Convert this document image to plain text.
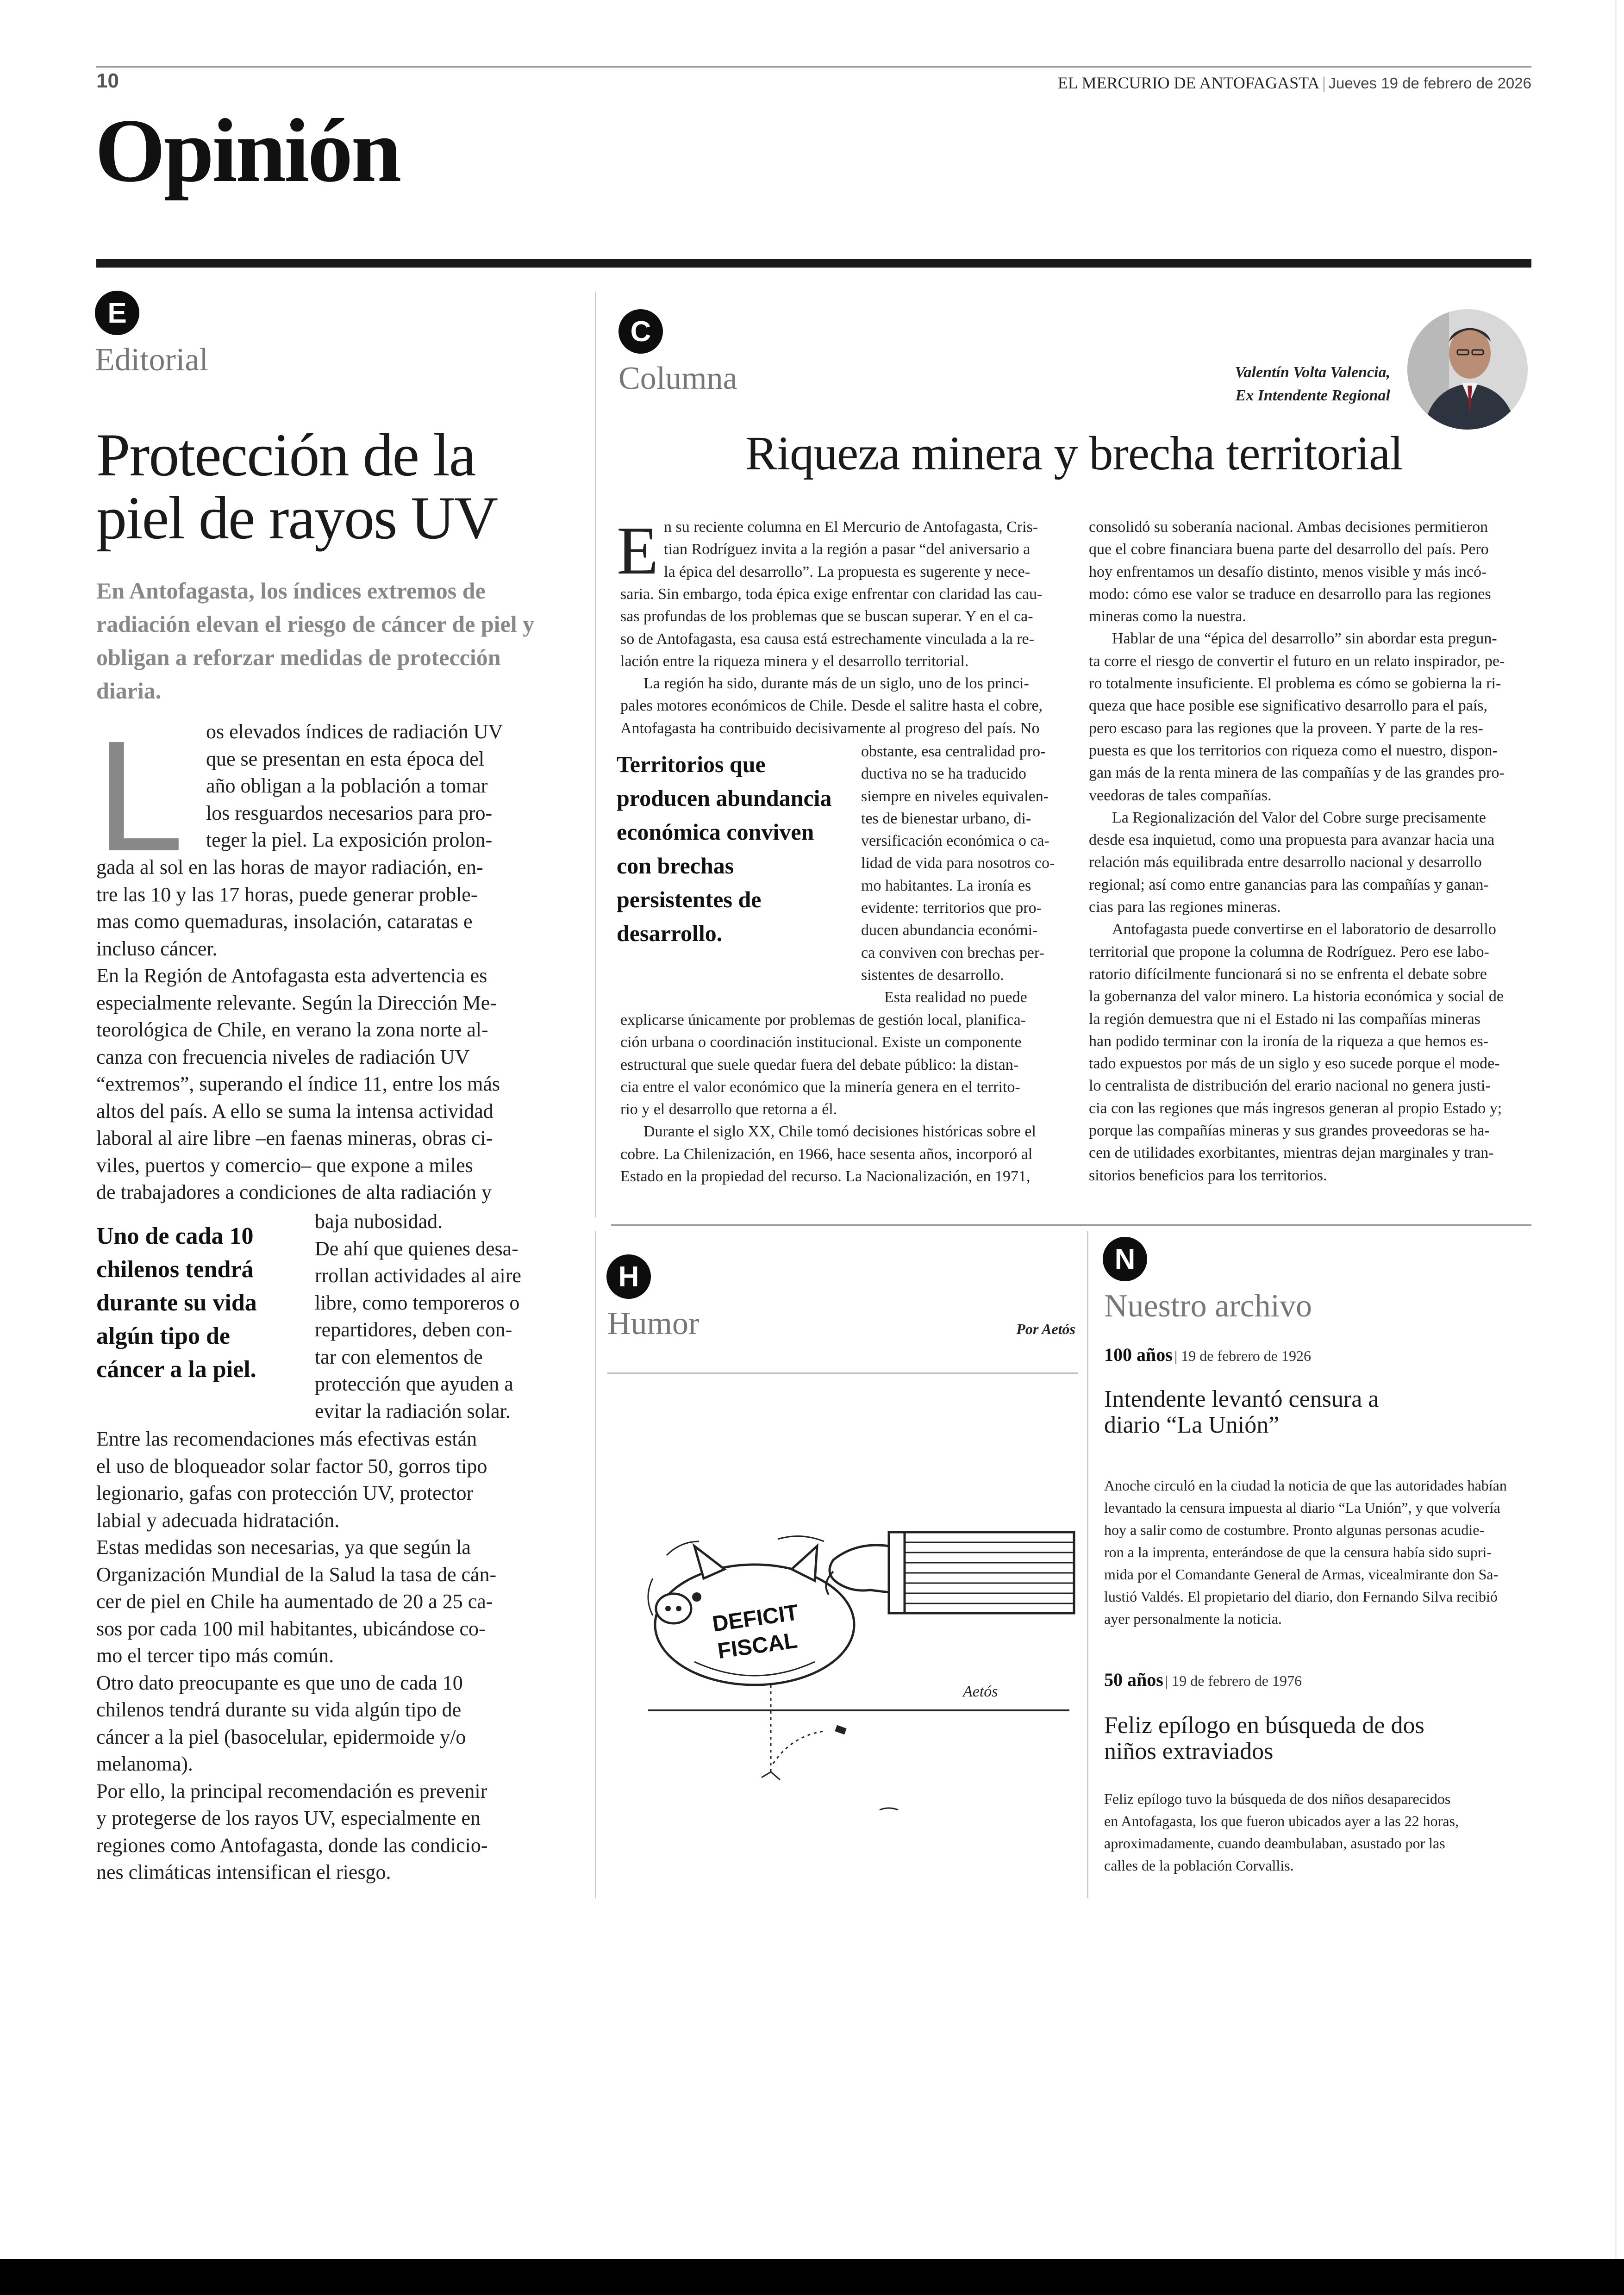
10	EL MERCURIO DE ANTOFAGASTA | Jueves 19 de febrero de 2026
Opinión
E
Editorial
Protección de la piel de rayos UV
En Antofagasta, los índices extremos de radiación elevan el riesgo de cáncer de piel y obligan a reforzar medidas de protección diaria.
L os elevados índices de radiación UV
que se presentan en esta época del
año obligan a la población a tomar
los resguardos necesarios para pro-
teger la piel. La exposición prolon-
gada al sol en las horas de mayor radiación, en-
tre las 10 y las 17 horas, puede generar proble-
mas como quemaduras, insolación, cataratas e
incluso cáncer.
En la Región de Antofagasta esta advertencia es
especialmente relevante. Según la Dirección Me-
teorológica de Chile, en verano la zona norte al-
canza con frecuencia niveles de radiación UV
“extremos”, superando el índice 11, entre los más
altos del país. A ello se suma la intensa actividad
laboral al aire libre –en faenas mineras, obras ci-
viles, puertos y comercio– que expone a miles
de trabajadores a condiciones de alta radiación y
Uno de cada 10 chilenos tendrá durante su vida algún tipo de cáncer a la piel.
baja nubosidad.
De ahí que quienes desa-
rrollan actividades al aire
libre, como temporeros o
repartidores, deben con-
tar con elementos de
protección que ayuden a
evitar la radiación solar.
Entre las recomendaciones más efectivas están
el uso de bloqueador solar factor 50, gorros tipo
legionario, gafas con protección UV, protector
labial y adecuada hidratación.
Estas medidas son necesarias, ya que según la
Organización Mundial de la Salud la tasa de cán-
cer de piel en Chile ha aumentado de 20 a 25 ca-
sos por cada 100 mil habitantes, ubicándose co-
mo el tercer tipo más común.
Otro dato preocupante es que uno de cada 10
chilenos tendrá durante su vida algún tipo de
cáncer a la piel (basocelular, epidermoide y/o
melanoma).
Por ello, la principal recomendación es prevenir
y protegerse de los rayos UV, especialmente en
regiones como Antofagasta, donde las condicio-
nes climáticas intensifican el riesgo.
C
Columna	Valentín Volta Valencia,
Ex Intendente Regional
Riqueza minera y brecha territorial
E n su reciente columna en El Mercurio de Antofagasta, Cris-
tian Rodríguez invita a la región a pasar “del aniversario a
la épica del desarrollo”. La propuesta es sugerente y nece-
saria. Sin embargo, toda épica exige enfrentar con claridad las cau-
sas profundas de los problemas que se buscan superar. Y en el ca-
so de Antofagasta, esa causa está estrechamente vinculada a la re-
lación entre la riqueza minera y el desarrollo territorial.
La región ha sido, durante más de un siglo, uno de los princi-
pales motores económicos de Chile. Desde el salitre hasta el cobre,
Antofagasta ha contribuido decisivamente al progreso del país. No
Territorios que producen abundancia económica conviven con brechas persistentes de desarrollo.
obstante, esa centralidad pro-
ductiva no se ha traducido
siempre en niveles equivalen-
tes de bienestar urbano, di-
versificación económica o ca-
lidad de vida para nosotros co-
mo habitantes. La ironía es
evidente: territorios que pro-
ducen abundancia económi-
ca conviven con brechas per-
sistentes de desarrollo.
Esta realidad no puede
explicarse únicamente por problemas de gestión local, planifica-
ción urbana o coordinación institucional. Existe un componente
estructural que suele quedar fuera del debate público: la distan-
cia entre el valor económico que la minería genera en el territo-
rio y el desarrollo que retorna a él.
Durante el siglo XX, Chile tomó decisiones históricas sobre el
cobre. La Chilenización, en 1966, hace sesenta años, incorporó al
Estado en la propiedad del recurso. La Nacionalización, en 1971,
consolidó su soberanía nacional. Ambas decisiones permitieron
que el cobre financiara buena parte del desarrollo del país. Pero
hoy enfrentamos un desafío distinto, menos visible y más incó-
modo: cómo ese valor se traduce en desarrollo para las regiones
mineras como la nuestra.
Hablar de una “épica del desarrollo” sin abordar esta pregun-
ta corre el riesgo de convertir el futuro en un relato inspirador, pe-
ro totalmente insuficiente. El problema es cómo se gobierna la ri-
queza que hace posible ese significativo desarrollo para el país,
pero escaso para las regiones que la proveen. Y parte de la res-
puesta es que los territorios con riqueza como el nuestro, dispon-
gan más de la renta minera de las compañías y de las grandes pro-
veedoras de tales compañías.
La Regionalización del Valor del Cobre surge precisamente
desde esa inquietud, como una propuesta para avanzar hacia una
relación más equilibrada entre desarrollo nacional y desarrollo
regional; así como entre ganancias para las compañías y ganan-
cias para las regiones mineras.
Antofagasta puede convertirse en el laboratorio de desarrollo
territorial que propone la columna de Rodríguez. Pero ese labo-
ratorio difícilmente funcionará si no se enfrenta el debate sobre
la gobernanza del valor minero. La historia económica y social de
la región demuestra que ni el Estado ni las compañías mineras
han podido terminar con la ironía de la riqueza a que hemos es-
tado expuestos por más de un siglo y eso sucede porque el mode-
lo centralista de distribución del erario nacional no genera justi-
cia con las regiones que más ingresos generan al propio Estado y;
porque las compañías mineras y sus grandes proveedoras se ha-
cen de utilidades exorbitantes, mientras dejan marginales y tran-
sitorios beneficios para los territorios.
H
Humor	Por Aetós
DEFICIT
FISCAL
Aetós
N
Nuestro archivo
100 años | 19 de febrero de 1926
Intendente levantó censura a
diario “La Unión”
Anoche circuló en la ciudad la noticia de que las autoridades habían
levantado la censura impuesta al diario “La Unión”, y que volvería
hoy a salir como de costumbre. Pronto algunas personas acudie-
ron a la imprenta, enterándose de que la censura había sido supri-
mida por el Comandante General de Armas, vicealmirante don Sa-
lustió Valdés. El propietario del diario, don Fernando Silva recibió
ayer personalmente la noticia.
50 años | 19 de febrero de 1976
Feliz epílogo en búsqueda de dos
niños extraviados
Feliz epílogo tuvo la búsqueda de dos niños desaparecidos
en Antofagasta, los que fueron ubicados ayer a las 22 horas,
aproximadamente, cuando deambulaban, asustado por las
calles de la población Corvallis.
